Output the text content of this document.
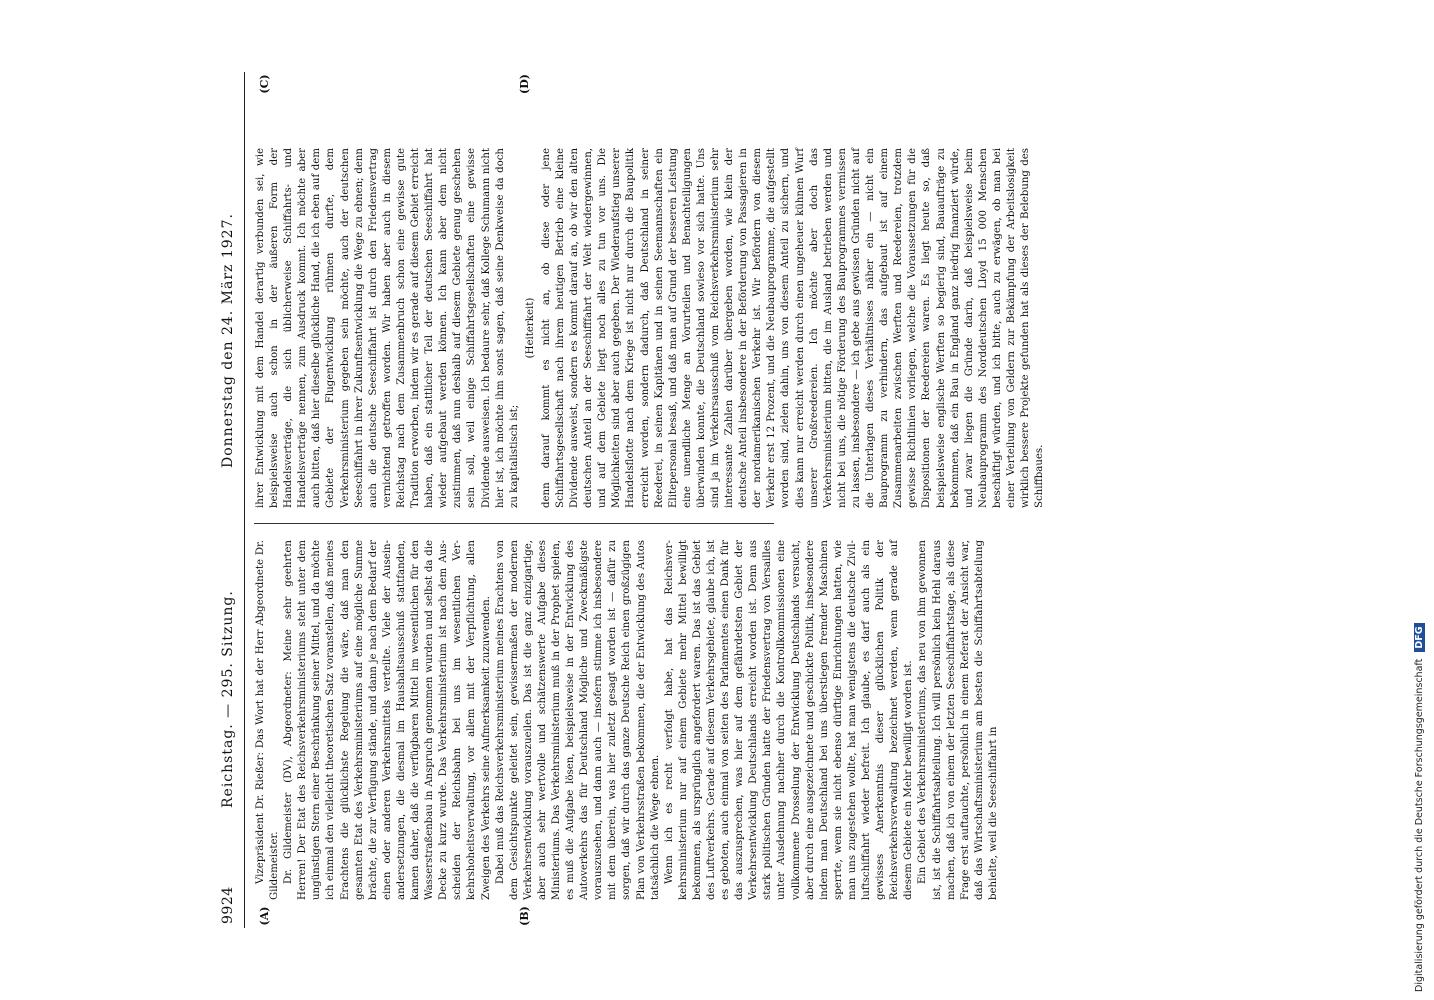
9924
Reichstag. — 295. Sitzung.
Donnerstag den 24. März 1927.

Vizepräsident Dr. Rießer: Das Wort hat der Herr Abgeordnete Dr. Gildemeister. Dr. Gildemeister (DV), Abgeordneter: Meine sehr geehrten Herren! Der Etat des Reichsverkehrsministeriums steht unter dem ungünstigen Stern einer Beschränkung seiner Mittel, und da möchte ich einmal den vielleicht theoretischen Satz voranstellen, daß meines Erachtens die glücklichste Regelung die wäre, daß man den gesamten Etat des Verkehrsministeriums auf eine mögliche Summe brächte, die zur Verfügung stände, und dann je nach dem Bedarf der einen oder anderen Verkehrsmittels verteilte. Viele der Auseinandersetzungen, die diesmal im Haushaltsausschuß stattfanden, kamen daher, daß die verfügbaren Mittel im wesentlichen für den Wasserstraßenbau in Anspruch genommen wurden und selbst da die Decke zu kurz wurde. Das Verkehrsministerium ist nach dem Ausscheiden der Reichsbahn bei uns im wesentlichen Verkehrshoheitsverwaltung, vor allem mit der Verpflichtung, allen Zweigen des Verkehrs seine Aufmerksamkeit zuzuwenden. Dabei muß das Reichsverkehrsministerium meines Erachtens von dem Gesichtspunkte geleitet sein, gewissermaßen der modernen Verkehrsentwicklung vorauszueilen. Das ist die ganz einzigartige, aber auch sehr wertvolle und schätzenswerte Aufgabe dieses Ministeriums. Das Verkehrsministerium muß in der Prophet spielen, es muß die Aufgabe lösen, beispielsweise in der Entwicklung des Autoverkehrs das für Deutschland Mögliche und Zweckmäßigste vorauszusehen, und dann auch — insofern stimme ich insbesondere mit dem überein, was hier zuletzt gesagt worden ist — dafür zu sorgen, daß wir durch das ganze Deutsche Reich einen großzügigen Plan von Verkehrsstraßen bekommen, die der Entwicklung des Autos tatsächlich die Wege ebnen. Wenn ich es recht verfolgt habe, hat das Reichsverkehrsministerium nur auf einem Gebiete mehr Mittel bewilligt bekommen, als ursprünglich angefordert waren. Das ist das Gebiet des Luftverkehrs. Gerade auf diesem Verkehrsgebiete, glaube ich, ist es geboten, auch einmal von seiten des Parlamentes einen Dank für das auszusprechen, was hier auf dem gefährdetsten Gebiet der Verkehrsentwicklung Deutschlands erreicht worden ist. Denn aus stark politischen Gründen hatte der Friedensvertrag von Versailles unter Ausdehnung nachher durch die Kontrollkommissionen eine vollkommene Drosselung der Entwicklung Deutschlands versucht, aber durch eine ausgezeichnete und geschickte Politik, insbesondere indem man Deutschland bei uns überstiegen fremder Maschinen sperrte, wenn sie nicht ebenso dürftige Einrichtungen hatten, wie man uns zugestehen wollte, hat man wenigstens die deutsche Zivilluftschiffahrt wieder befreit. Ich glaube, es darf auch als ein gewisses Anerkenntnis dieser glücklichen Politik der Reichsverkehrsverwaltung bezeichnet werden, wenn gerade auf diesem Gebiete ein Mehr bewilligt worden ist. Ein Gebiet des Verkehrsministeriums, das neu von ihm gewonnen ist, ist die Schiffahrtsabteilung. Ich will persönlich kein Hehl daraus machen, daß ich von einem der letzten Seeschiffahrtstage, als diese Frage erst auftauchte, persönlich in einem Referat der Ansicht war, daß das Wirtschaftsministerium am besten die Schiffahrtsabteilung behielte, weil die Seeschiffahrt in

ihrer Entwicklung mit dem Handel derartig verbunden sei, wie beispielsweise auch schon in der äußeren Form der Handelsverträge, die sich üblicherweise Schiffahrts- und Handelsverträge nennen, zum Ausdruck kommt. Ich möchte aber auch bitten, daß hier dieselbe glückliche Hand, die ich eben auf dem Gebiete der Flugentwicklung rühmen durfte, dem Verkehrsministerium gegeben sein möchte, auch der deutschen Seeschiffahrt in ihrer Zukunftsentwicklung die Wege zu ebnen; denn auch die deutsche Seeschiffahrt ist durch den Friedensvertrag vernichtend getroffen worden. Wir haben aber auch in diesem Reichstag nach dem Zusammenbruch schon eine gewisse gute Tradition erworben, indem wir es gerade auf diesem Gebiet erreicht haben, daß ein stattlicher Teil der deutschen Seeschiffahrt hat wieder aufgebaut werden können. Ich kann aber dem nicht zustimmen, daß nun deshalb auf diesem Gebiete genug geschehen sein soll, weil einige Schiffahrtsgesellschaften eine gewisse Dividende ausweisen. Ich bedaure sehr, daß Kollege Schumann nicht hier ist, ich möchte ihm sonst sagen, daß seine Denkweise da doch zu kapitalistisch ist;

(Heiterkeit) denn darauf kommt es nicht an, ob diese oder jene Schiffahrtsgesellschaft nach ihrem heutigen Betrieb eine kleine Dividende ausweist, sondern es kommt darauf an, ob wir den alten deutschen Anteil an der Seeschifffahrt der Welt wiedergewinnen, und auf dem Gebiete liegt noch alles zu tun vor uns. Die Möglichkeiten sind aber auch gegeben. Der Wiederaufstieg unserer Handelsflotte nach dem Kriege ist nicht nur durch die Baupolitik erreicht worden, sondern dadurch, daß Deutschland in seiner Reederei, in seinen Kapitänen und in seinen Seemannschaften ein Elitepersonal besaß, und daß man auf Grund der besseren Leistung eine unendliche Menge an Vorurteilen und Benachteiligungen überwinden konnte, die Deutschland sowieso vor sich hatte. Uns sind ja im Verkehrsausschuß vom Reichsverkehrsministerium sehr interessante Zahlen darüber übergeben worden, wie klein der deutsche Anteil insbesondere in der Beförderung von Passagieren in der nordamerikanischen Verkehr ist. Wir befördern von diesem Verkehr erst 12 Prozent, und die Neubauprogramme, die aufgestellt worden sind, zielen dahin, uns von diesem Anteil zu sichern, und dies kann nur erreicht werden durch einen ungeheuer kühnen Wurf unserer Großreedereien. Ich möchte aber doch das Verkehrsministerium bitten, die im Ausland betrieben werden und nicht bei uns, die nötige Förderung des Bauprogrammes vermissen zu lassen, insbesondere — ich gebe aus gewissen Gründen nicht auf die Unterlagen dieses Verhältnisses näher ein — nicht ein Bauprogramm zu verhindern, das aufgebaut ist auf einem Zusammenarbeiten zwischen Werften und Reedereien, trotzdem gewisse Richtlinien vorliegen, welche die Voraussetzungen für die Dispositionen der Reedereien waren. Es liegt heute so, daß beispielsweise englische Werften so begierig sind, Bauaufträge zu bekommen, daß ein Bau in England ganz niedrig finanziert würde, und zwar liegen die Gründe darin, daß beispielsweise beim Neubauprogramm des Norddeutschen Lloyd 15 000 Menschen beschäftigt würden, und ich bitte, auch zu erwägen, ob man bei einer Verteilung von Geldern zur Bekämpfung der Arbeitslosigkeit wirklich bessere Projekte gefunden hat als dieses der Belebung des Schiffbaues.

(A)	(B)
(C)	(D)
Digitalisierung gefördert durch die Deutsche Forschungsgemeinschaft DFG
